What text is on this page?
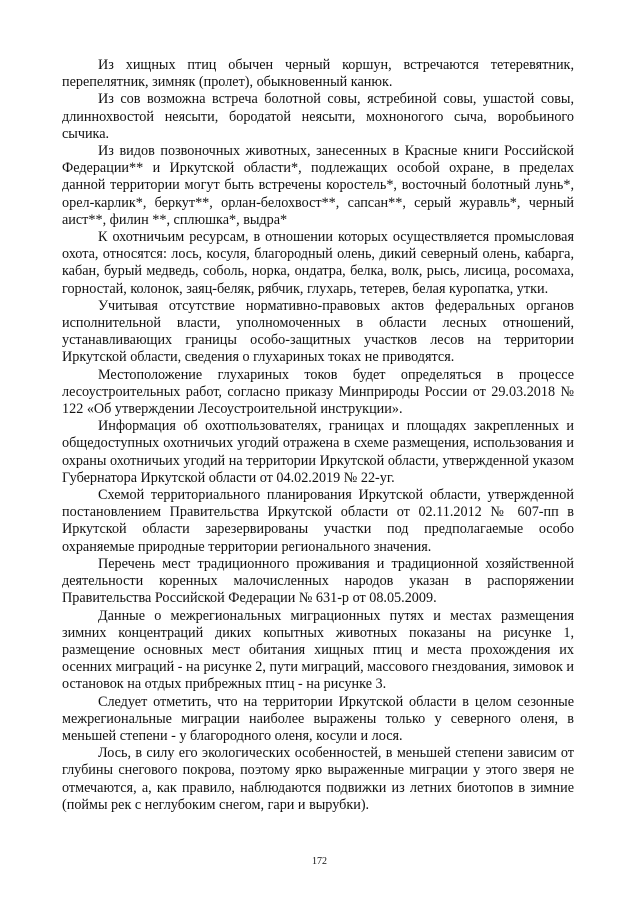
Из хищных птиц обычен черный коршун, встречаются тетеревятник, перепелятник, зимняк (пролет), обыкновенный канюк.

Из сов возможна встреча болотной совы, ястребиной совы, ушастой совы, длиннохвостой неясыти, бородатой неясыти, мохноногого сыча, воробьиного сычика.

Из видов позвоночных животных, занесенных в Красные книги Российской Федерации** и Иркутской области*, подлежащих особой охране, в пределах данной территории могут быть встречены коростель*, восточный болотный лунь*, орел-карлик*, беркут**, орлан-белохвост**, сапсан**, серый журавль*, черный аист**, филин **, сплюшка*, выдра*

К охотничьим ресурсам, в отношении которых осуществляется промысловая охота, относятся: лось, косуля, благородный олень, дикий северный олень, кабарга, кабан, бурый медведь, соболь, норка, ондатра, белка, волк, рысь, лисица, росомаха, горностай, колонок, заяц-беляк, рябчик, глухарь, тетерев, белая куропатка, утки.

Учитывая отсутствие нормативно-правовых актов федеральных органов исполнительной власти, уполномоченных в области лесных отношений, устанавливающих границы особо-защитных участков лесов на территории Иркутской области, сведения о глухариных токах не приводятся.

Местоположение глухариных токов будет определяться в процессе лесоустроительных работ, согласно приказу Минприроды России от 29.03.2018 № 122 «Об утверждении Лесоустроительной инструкции».

Информация об охотпользователях, границах и площадях закрепленных и общедоступных охотничьих угодий отражена в схеме размещения, использования и охраны охотничьих угодий на территории Иркутской области, утвержденной указом Губернатора Иркутской области от 04.02.2019 № 22-уг.

Схемой территориального планирования Иркутской области, утвержденной постановлением Правительства Иркутской области от 02.11.2012 № 607-пп в Иркутской области зарезервированы участки под предполагаемые особо охраняемые природные территории регионального значения.

Перечень мест традиционного проживания и традиционной хозяйственной деятельности коренных малочисленных народов указан в распоряжении Правительства Российской Федерации № 631-р от 08.05.2009.

Данные о межрегиональных миграционных путях и местах размещения зимних концентраций диких копытных животных показаны на рисунке 1, размещение основных мест обитания хищных птиц и места прохождения их осенних миграций - на рисунке 2, пути миграций, массового гнездования, зимовок и остановок на отдых прибрежных птиц - на рисунке 3.

Следует отметить, что на территории Иркутской области в целом сезонные межрегиональные миграции наиболее выражены только у северного оленя, в меньшей степени - у благородного оленя, косули и лося.

Лось, в силу его экологических особенностей, в меньшей степени зависим от глубины снегового покрова, поэтому ярко выраженные миграции у этого зверя не отмечаются, а, как правило, наблюдаются подвижки из летних биотопов в зимние (поймы рек с неглубоким снегом, гари и вырубки).

172
